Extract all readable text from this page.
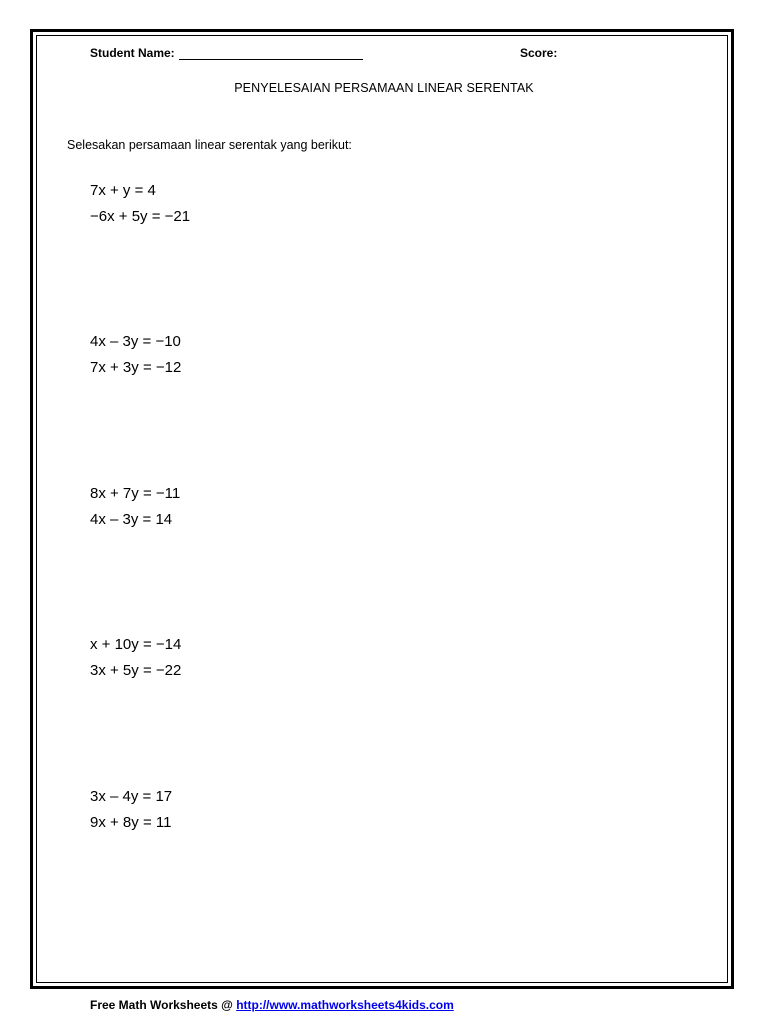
Student Name:	Score:
PENYELESAIAN PERSAMAAN LINEAR SERENTAK
Selesakan persamaan linear serentak yang berikut:
7x + y = 4
−6x + 5y = −21
4x – 3y = −10
7x + 3y = −12
8x + 7y = −11
4x – 3y = 14
x + 10y = −14
3x + 5y = −22
3x – 4y = 17
9x + 8y = 11
Free Math Worksheets @ http://www.mathworksheets4kids.com
